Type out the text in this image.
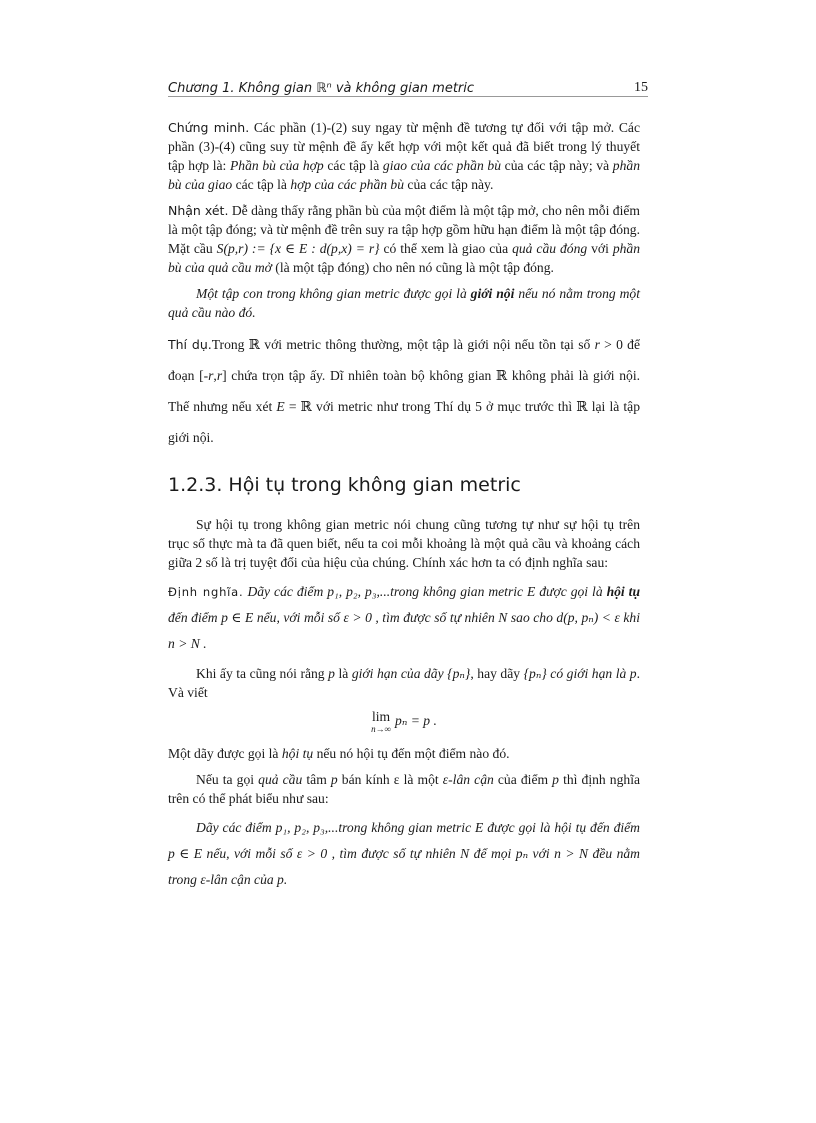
Chương 1. Không gian ℝⁿ và không gian metric	15

Chứng minh. Các phần (1)-(2) suy ngay từ mệnh đề tương tự đối với tập mở. Các phần (3)-(4) cũng suy từ mệnh đề ấy kết hợp với một kết quả đã biết trong lý thuyết tập hợp là: Phần bù của hợp các tập là giao của các phần bù của các tập này; và phần bù của giao các tập là hợp của các phần bù của các tập này.

Nhận xét. Dễ dàng thấy rằng phần bù của một điểm là một tập mở, cho nên mỗi điểm là một tập đóng; và từ mệnh đề trên suy ra tập hợp gồm hữu hạn điểm là một tập đóng. Mặt cầu S(p,r) := {x ∈ E : d(p,x) = r} có thể xem là giao của quả cầu đóng với phần bù của quả cầu mở (là một tập đóng) cho nên nó cũng là một tập đóng.

Một tập con trong không gian metric được gọi là giới nội nếu nó nằm trong một quả cầu nào đó.

Thí dụ.Trong ℝ với metric thông thường, một tập là giới nội nếu tồn tại số r > 0 để đoạn [-r,r] chứa trọn tập ấy. Dĩ nhiên toàn bộ không gian ℝ không phải là giới nội. Thế nhưng nếu xét E = ℝ với metric như trong Thí dụ 5 ở mục trước thì ℝ lại là tập giới nội.

1.2.3. Hội tụ trong không gian metric

Sự hội tụ trong không gian metric nói chung cũng tương tự như sự hội tụ trên trục số thực mà ta đã quen biết, nếu ta coi mỗi khoảng là một quả cầu và khoảng cách giữa 2 số là trị tuyệt đối của hiệu của chúng. Chính xác hơn ta có định nghĩa sau:

Định nghĩa. Dãy các điểm p₁, p₂, p₃,...trong không gian metric E được gọi là hội tụ đến điểm p ∈ E nếu, với mỗi số ε > 0 , tìm được số tự nhiên N sao cho d(p, pₙ) < ε khi n > N .

Khi ấy ta cũng nói rằng p là giới hạn của dãy {pₙ}, hay dãy {pₙ} có giới hạn là p. Và viết

lim
n→∞
pₙ = p .

Một dãy được gọi là hội tụ nếu nó hội tụ đến một điểm nào đó.

Nếu ta gọi quả cầu tâm p bán kính ε là một ε-lân cận của điểm p thì định nghĩa trên có thể phát biểu như sau:

Dãy các điểm p₁, p₂, p₃,...trong không gian metric E được gọi là hội tụ đến điểm p ∈ E nếu, với mỗi số ε > 0 , tìm được số tự nhiên N để mọi pₙ với n > N đều nằm trong ε-lân cận của p.
